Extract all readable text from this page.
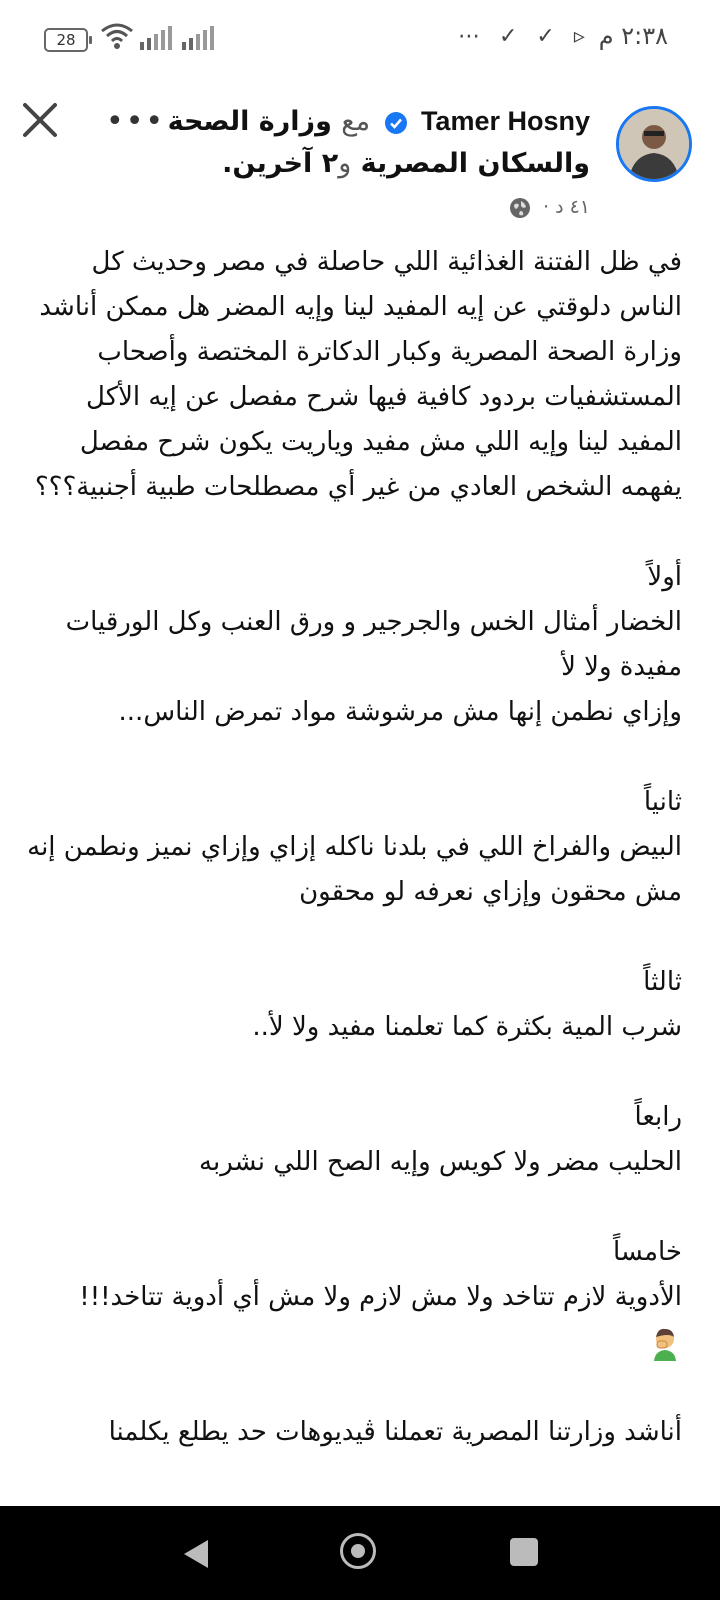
28	⋯ ✓ ✓ ▹ ٢:٣٨ م
Tamer Hosny  مع وزارة الصحة والسكان المصرية و٢ آخرين.
٤١ د ·
•••

في ظل الفتنة الغذائية اللي حاصلة في مصر وحديث كل الناس دلوقتي عن إيه المفيد لينا وإيه المضر هل ممكن أناشد وزارة الصحة المصرية وكبار الدكاترة المختصة وأصحاب المستشفيات بردود كافية فيها شرح مفصل عن إيه الأكل المفيد لينا وإيه اللي مش مفيد وياريت يكون شرح مفصل يفهمه الشخص العادي من غير أي مصطلحات طبية أجنبية؟؟؟

أولاً

الخضار أمثال الخس والجرجير و ورق العنب وكل الورقيات مفيدة ولا لأ

وإزاي نطمن إنها مش مرشوشة مواد تمرض الناس...

ثانياً

البيض والفراخ اللي في بلدنا ناكله إزاي وإزاي نميز ونطمن إنه مش محقون وإزاي نعرفه لو محقون

ثالثاً

شرب المية بكثرة كما تعلمنا مفيد ولا لأ..

رابعاً

الحليب مضر ولا كويس وإيه الصح اللي نشربه

خامساً

الأدوية لازم تتاخد ولا مش لازم ولا مش أي أدوية تتاخد!!!

أناشد وزارتنا المصرية تعملنا ڤيديوهات حد يطلع يكلمنا
